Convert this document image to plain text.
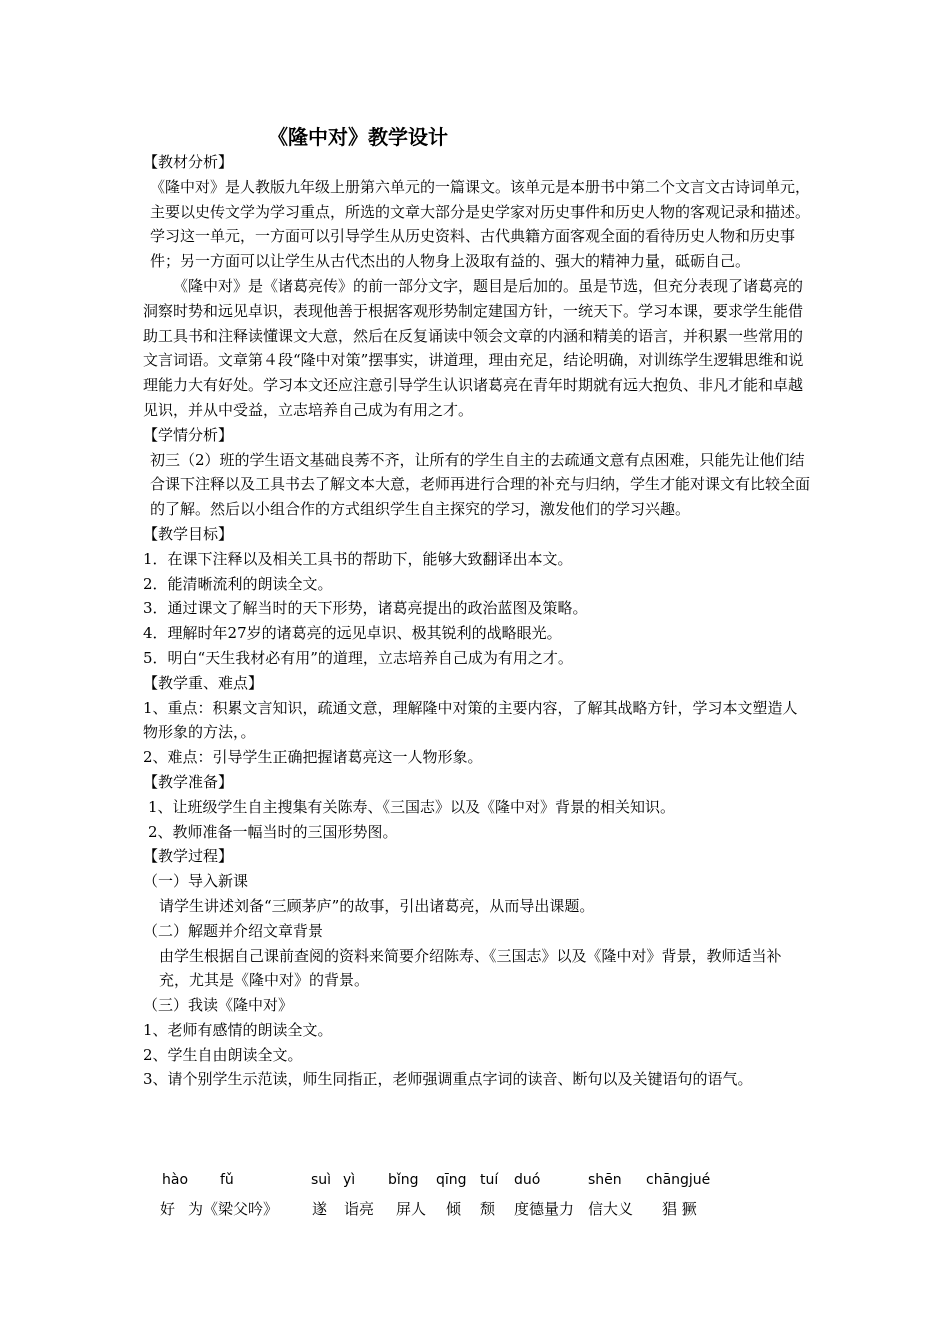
《隆中对》教学设计

【教材分析】

《隆中对》是人教版九年级上册第六单元的一篇课文。该单元是本册书中第二个文言文古诗词单元，主要以史传文学为学习重点，所选的文章大部分是史学家对历史事件和历史人物的客观记录和描述。学习这一单元，一方面可以引导学生从历史资料、古代典籍方面客观全面的看待历史人物和历史事件；另一方面可以让学生从古代杰出的人物身上汲取有益的、强大的精神力量，砥砺自己。

《隆中对》是《诸葛亮传》的前一部分文字，题目是后加的。虽是节选，但充分表现了诸葛亮的洞察时势和远见卓识，表现他善于根据客观形势制定建国方针，一统天下。学习本课，要求学生能借助工具书和注释读懂课文大意，然后在反复诵读中领会文章的内涵和精美的语言，并积累一些常用的文言词语。文章第４段“隆中对策”摆事实，讲道理，理由充足，结论明确，对训练学生逻辑思维和说理能力大有好处。学习本文还应注意引导学生认识诸葛亮在青年时期就有远大抱负、非凡才能和卓越见识，并从中受益，立志培养自己成为有用之才。

【学情分析】

初三（2）班的学生语文基础良莠不齐，让所有的学生自主的去疏通文意有点困难，只能先让他们结合课下注释以及工具书去了解文本大意，老师再进行合理的补充与归纳，学生才能对课文有比较全面的了解。然后以小组合作的方式组织学生自主探究的学习，激发他们的学习兴趣。

【教学目标】

1．在课下注释以及相关工具书的帮助下，能够大致翻译出本文。

2．能清晰流利的朗读全文。

3．通过课文了解当时的天下形势，诸葛亮提出的政治蓝图及策略。

4．理解时年27岁的诸葛亮的远见卓识、极其锐利的战略眼光。

5．明白“天生我材必有用”的道理，立志培养自己成为有用之才。

【教学重、难点】

1、重点：积累文言知识，疏通文意，理解隆中对策的主要内容，了解其战略方针，学习本文塑造人物形象的方法，。

2、难点：引导学生正确把握诸葛亮这一人物形象。

【教学准备】

1、让班级学生自主搜集有关陈寿、《三国志》以及《隆中对》背景的相关知识。

2、教师准备一幅当时的三国形势图。

【教学过程】

（一）导入新课

请学生讲述刘备“三顾茅庐”的故事，引出诸葛亮，从而导出课题。

（二）解题并介绍文章背景

由学生根据自己课前查阅的资料来简要介绍陈寿、《三国志》以及《隆中对》背景，教师适当补充，尤其是《隆中对》的背景。

（三）我读《隆中对》

1、老师有感情的朗读全文。

2、学生自由朗读全文。

3、请个别学生示范读，师生同指正，老师强调重点字词的读音、断句以及关键语句的语气。

hào fǔ	suì yì bǐng qīng tuí duó	shēn chāngjué
好 为《梁父吟》 遂 诣亮 屏人 倾 颓 度德量力 信大义 猖 獗
